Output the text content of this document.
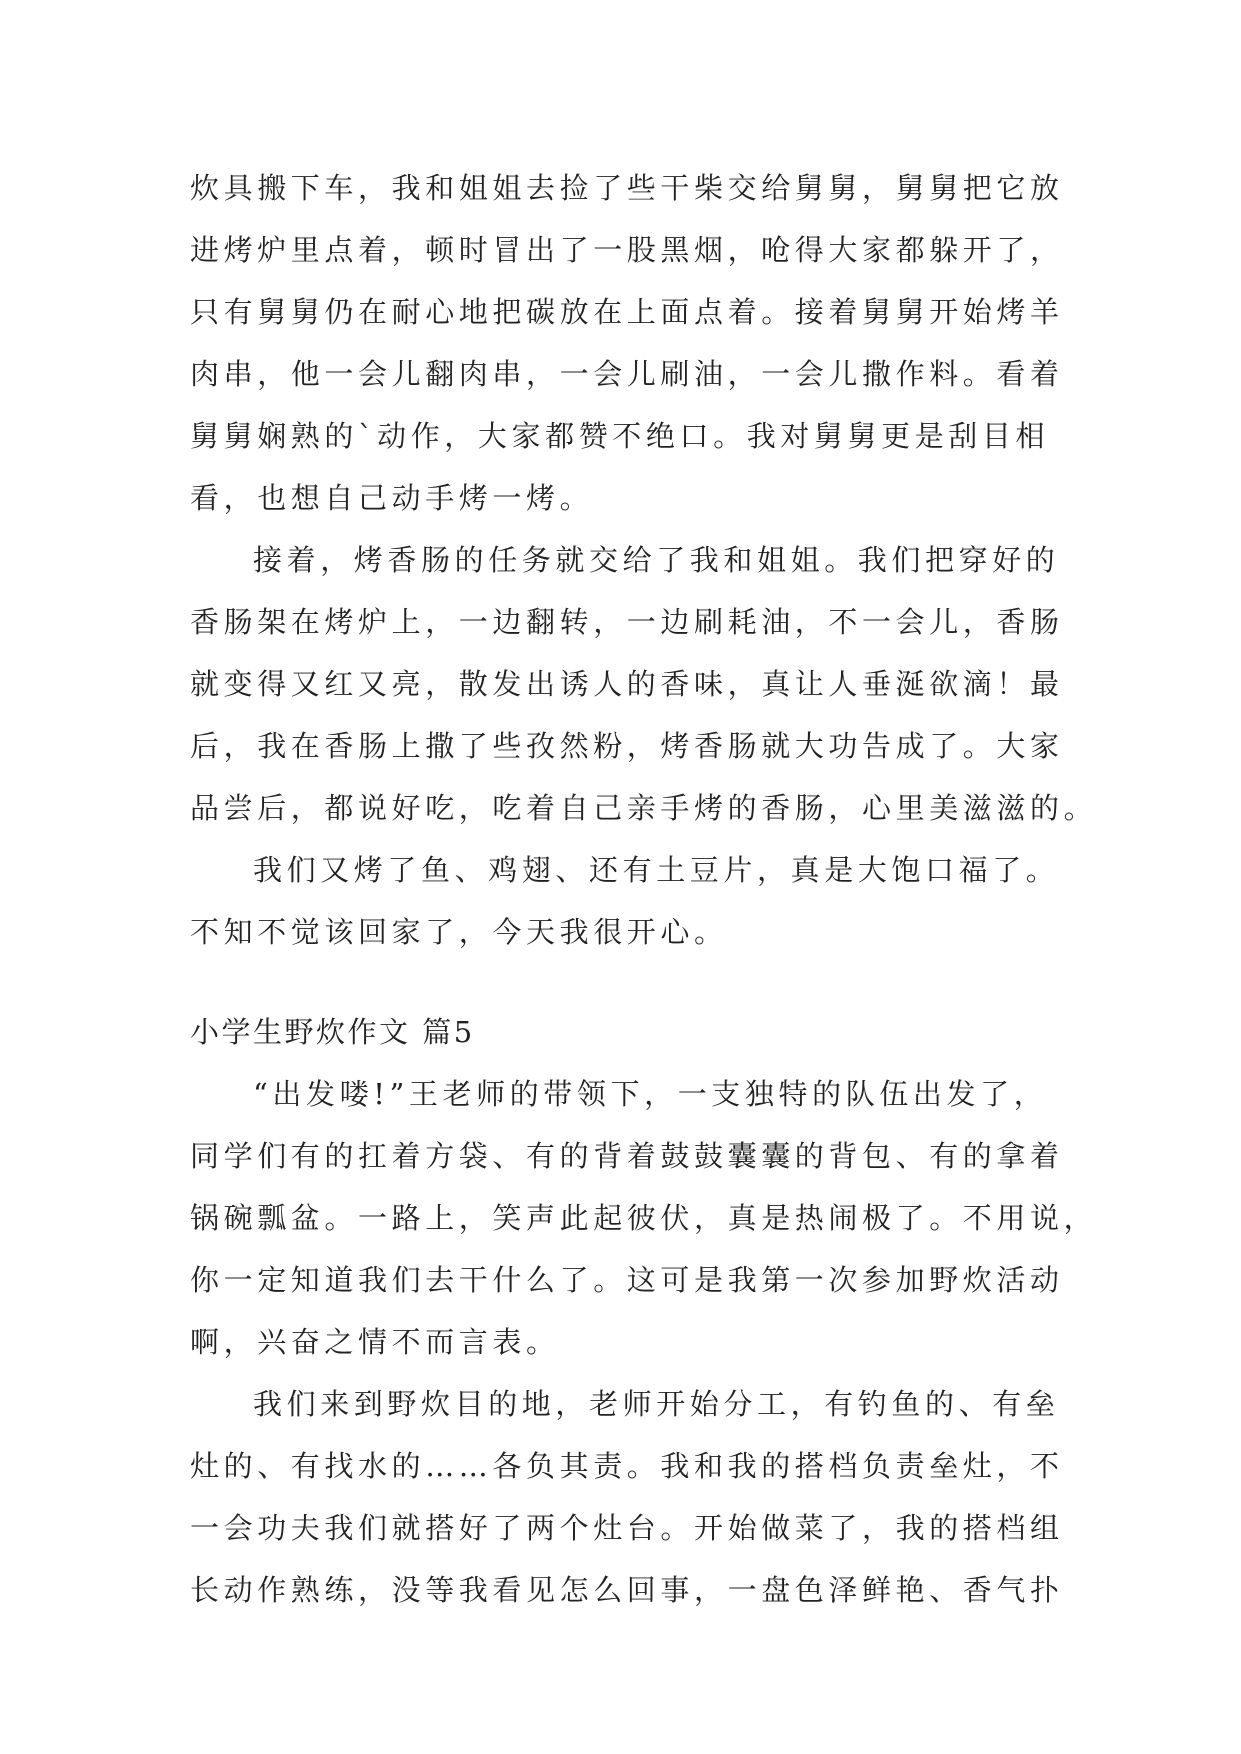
炊具搬下车，我和姐姐去捡了些干柴交给舅舅，舅舅把它放
进烤炉里点着，顿时冒出了一股黑烟，呛得大家都躲开了，
只有舅舅仍在耐心地把碳放在上面点着。接着舅舅开始烤羊
肉串，他一会儿翻肉串，一会儿刷油，一会儿撒作料。看着
舅舅娴熟的`动作，大家都赞不绝口。我对舅舅更是刮目相
看，也想自己动手烤一烤。
接着，烤香肠的任务就交给了我和姐姐。我们把穿好的
香肠架在烤炉上，一边翻转，一边刷耗油，不一会儿，香肠
就变得又红又亮，散发出诱人的香味，真让人垂涎欲滴！最
后，我在香肠上撒了些孜然粉，烤香肠就大功告成了。大家
品尝后，都说好吃，吃着自己亲手烤的香肠，心里美滋滋的。
我们又烤了鱼、鸡翅、还有土豆片，真是大饱口福了。
不知不觉该回家了，今天我很开心。
小学生野炊作文 篇5
“出发喽!”王老师的带领下，一支独特的队伍出发了，
同学们有的扛着方袋、有的背着鼓鼓囊囊的背包、有的拿着
锅碗瓢盆。一路上，笑声此起彼伏，真是热闹极了。不用说，
你一定知道我们去干什么了。这可是我第一次参加野炊活动
啊，兴奋之情不而言表。
我们来到野炊目的地，老师开始分工，有钓鱼的、有垒
灶的、有找水的……各负其责。我和我的搭档负责垒灶，不
一会功夫我们就搭好了两个灶台。开始做菜了，我的搭档组
长动作熟练，没等我看见怎么回事，一盘色泽鲜艳、香气扑
